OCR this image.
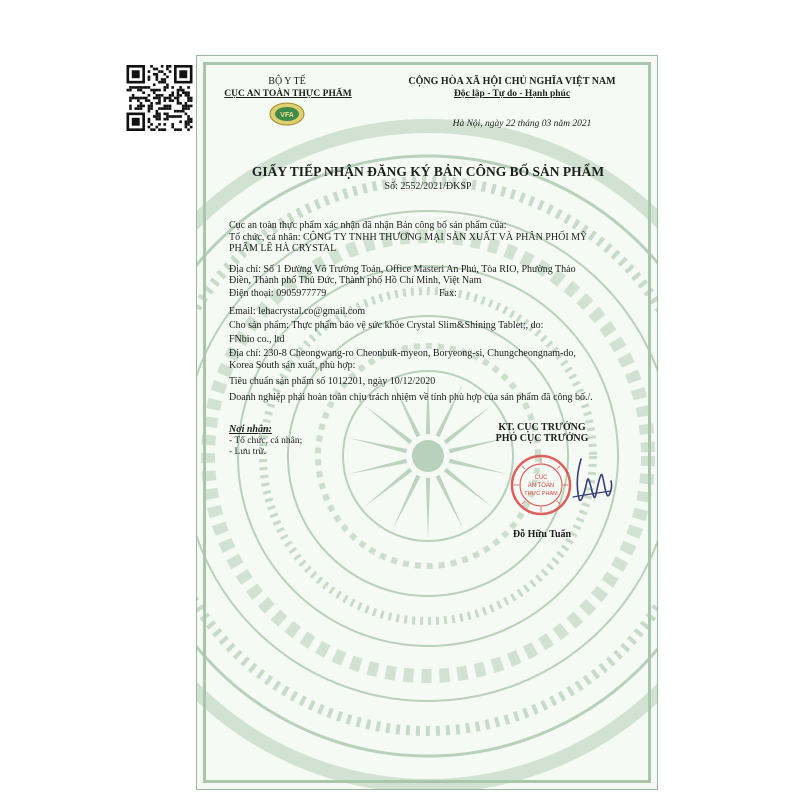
BỘ Y TẾ
CỤC AN TOÀN THỰC PHẨM
VFA
CỘNG HÒA XÃ HỘI CHỦ NGHĨA VIỆT NAM
Độc lập - Tự do - Hạnh phúc
Hà Nội, ngày 22 tháng 03 năm 2021
GIẤY TIẾP NHẬN ĐĂNG KÝ BẢN CÔNG BỐ SẢN PHẨM
Số: 2552/2021/ĐKSP
Cục an toàn thực phẩm xác nhận đã nhận Bản công bố sản phẩm của:
Tổ chức, cá nhân: CÔNG TY TNHH THƯƠNG MẠI SẢN XUẤT VÀ PHÂN PHỐI MỸ
PHẨM LÊ HÀ CRYSTAL
Địa chỉ: Số 1 Đường Võ Trường Toản, Office Masteri An Phú, Tòa RIO, Phường Thảo
Điền, Thành phố Thủ Đức, Thành phố Hồ Chí Minh, Việt Nam
Điện thoại: 0905977779	Fax:
Email: lehacrystal.co@gmail.com
Cho sản phẩm: Thực phẩm bảo vệ sức khỏe Crystal Slim&Shining Tablet;, do:
FNbio co., ltd
Địa chỉ: 230-8 Cheongwang-ro Cheonbuk-myeon, Boryeong-si, Chungcheongnam-do,
Korea South sản xuất, phù hợp:
Tiêu chuẩn sản phẩm số 1012201, ngày 10/12/2020
Doanh nghiệp phải hoàn toàn chịu trách nhiệm về tính phù hợp của sản phẩm đã công bố./.
Nơi nhận:
- Tổ chức, cá nhân;
- Lưu trữ.
KT. CỤC TRƯỞNG
PHÓ CỤC TRƯỞNG
CỤC
AN TOÀN
THỰC PHẨM
Đỗ Hữu Tuấn
